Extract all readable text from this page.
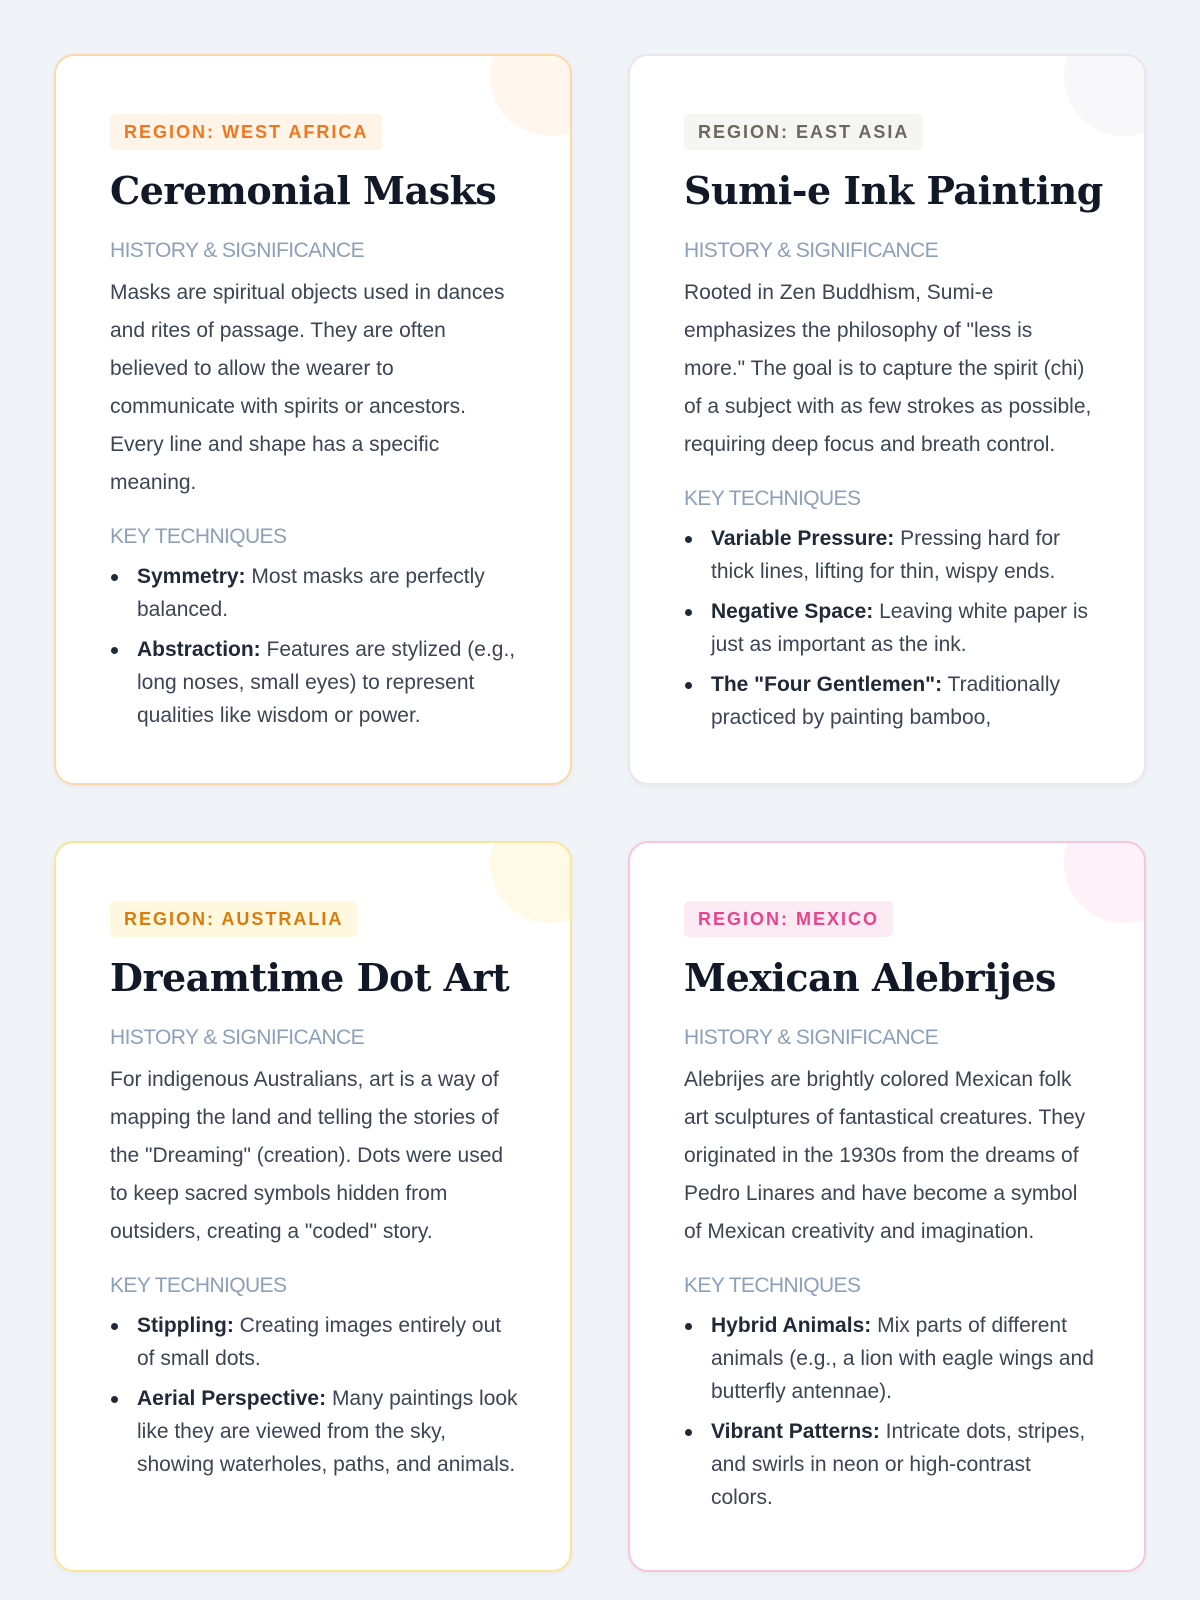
REGION: WEST AFRICA
Ceremonial Masks
HISTORY & SIGNIFICANCE

Masks are spiritual objects used in dances and rites of passage. They are often believed to allow the wearer to communicate with spirits or ancestors. Every line and shape has a specific meaning.

KEY TECHNIQUES
Symmetry: Most masks are perfectly balanced.
Abstraction: Features are stylized (e.g., long noses, small eyes) to represent qualities like wisdom or power.
REGION: EAST ASIA
Sumi-e Ink Painting
HISTORY & SIGNIFICANCE

Rooted in Zen Buddhism, Sumi-e emphasizes the philosophy of "less is more." The goal is to capture the spirit (chi) of a subject with as few strokes as possible, requiring deep focus and breath control.

KEY TECHNIQUES
Variable Pressure: Pressing hard for thick lines, lifting for thin, wispy ends.
Negative Space: Leaving white paper is just as important as the ink.
The "Four Gentlemen": Traditionally practiced by painting bamboo,
REGION: AUSTRALIA
Dreamtime Dot Art
HISTORY & SIGNIFICANCE

For indigenous Australians, art is a way of mapping the land and telling the stories of the "Dreaming" (creation). Dots were used to keep sacred symbols hidden from outsiders, creating a "coded" story.

KEY TECHNIQUES
Stippling: Creating images entirely out of small dots.
Aerial Perspective: Many paintings look like they are viewed from the sky, showing waterholes, paths, and animals.
REGION: MEXICO
Mexican Alebrijes
HISTORY & SIGNIFICANCE

Alebrijes are brightly colored Mexican folk art sculptures of fantastical creatures. They originated in the 1930s from the dreams of Pedro Linares and have become a symbol of Mexican creativity and imagination.

KEY TECHNIQUES
Hybrid Animals: Mix parts of different animals (e.g., a lion with eagle wings and butterfly antennae).
Vibrant Patterns: Intricate dots, stripes, and swirls in neon or high-contrast colors.
